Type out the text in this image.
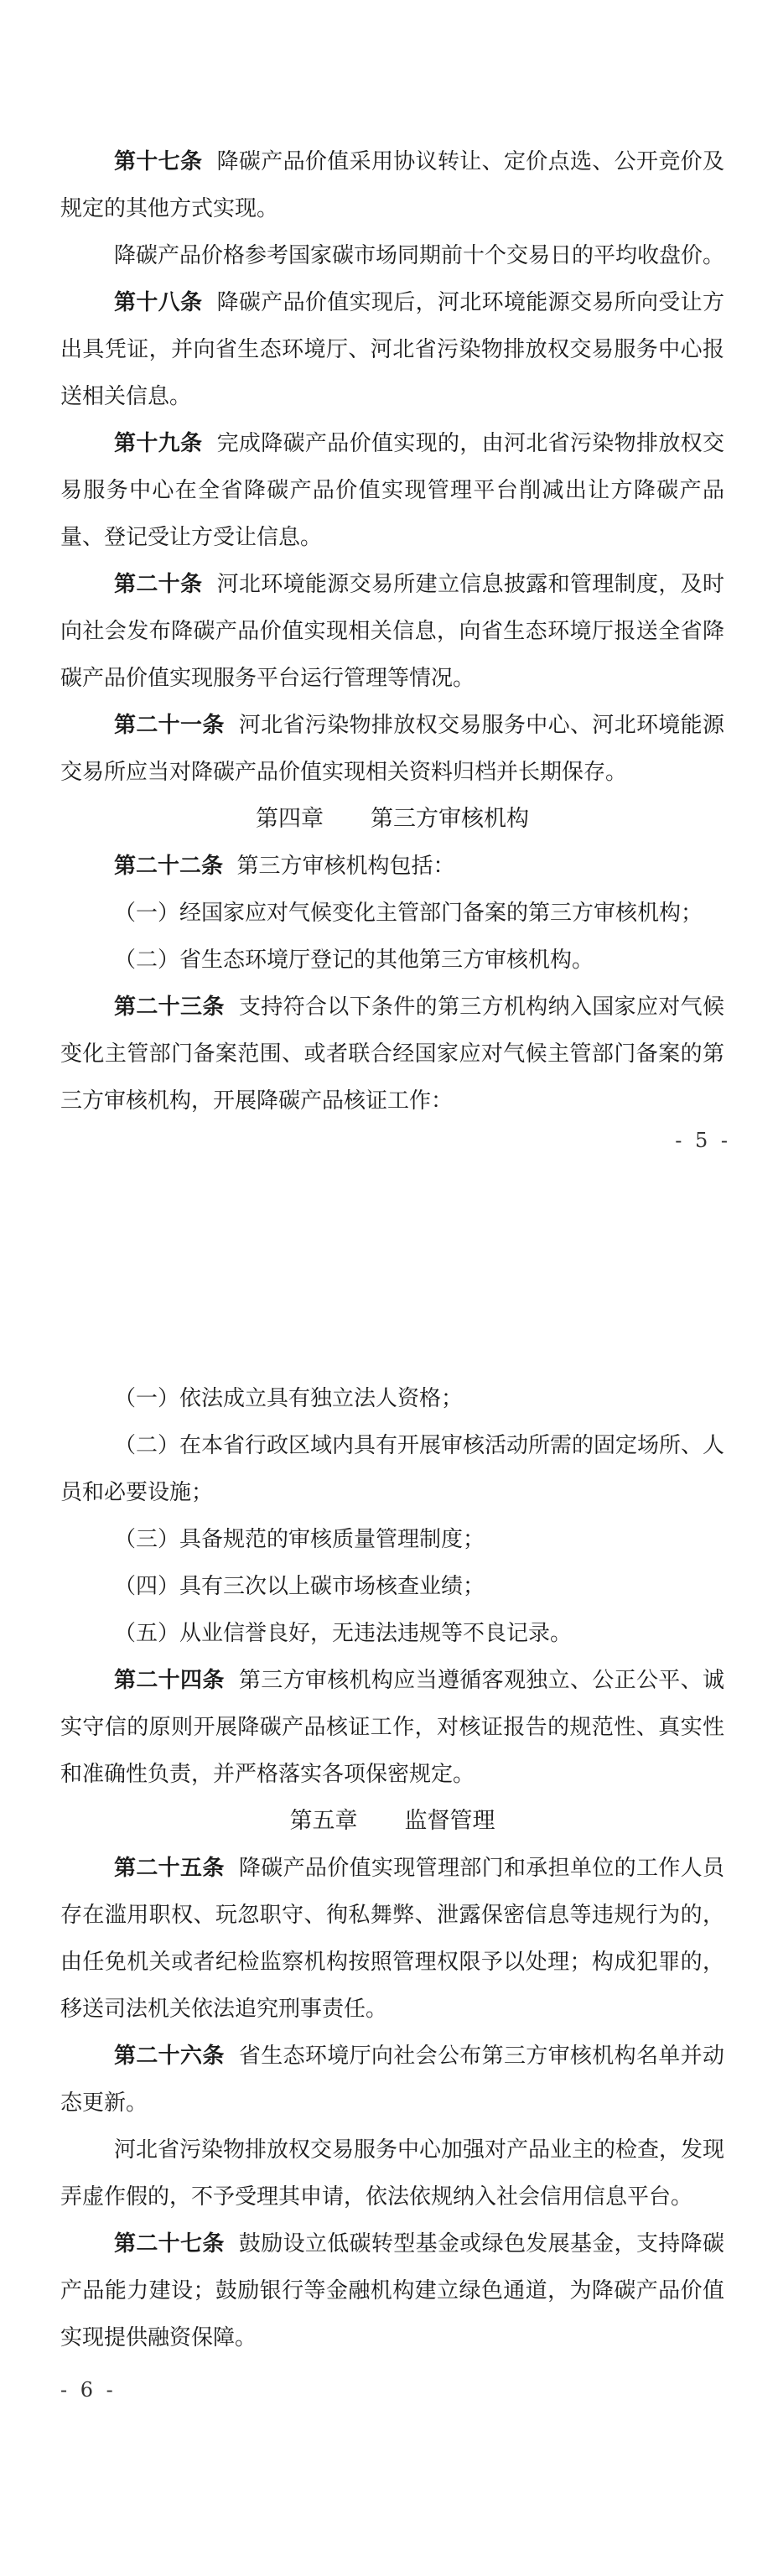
第十七条 降碳产品价值采用协议转让、定价点选、公开竞价及规定的其他方式实现。

降碳产品价格参考国家碳市场同期前十个交易日的平均收盘价。

第十八条 降碳产品价值实现后，河北环境能源交易所向受让方出具凭证，并向省生态环境厅、河北省污染物排放权交易服务中心报送相关信息。

第十九条 完成降碳产品价值实现的，由河北省污染物排放权交易服务中心在全省降碳产品价值实现管理平台削减出让方降碳产品量、登记受让方受让信息。

第二十条 河北环境能源交易所建立信息披露和管理制度，及时向社会发布降碳产品价值实现相关信息，向省生态环境厅报送全省降碳产品价值实现服务平台运行管理等情况。

第二十一条 河北省污染物排放权交易服务中心、河北环境能源交易所应当对降碳产品价值实现相关资料归档并长期保存。

第四章 第三方审核机构

第二十二条 第三方审核机构包括：

（一）经国家应对气候变化主管部门备案的第三方审核机构；

（二）省生态环境厅登记的其他第三方审核机构。

第二十三条 支持符合以下条件的第三方机构纳入国家应对气候变化主管部门备案范围、或者联合经国家应对气候主管部门备案的第三方审核机构，开展降碳产品核证工作：

- 5 -

（一）依法成立具有独立法人资格；

（二）在本省行政区域内具有开展审核活动所需的固定场所、人员和必要设施；

（三）具备规范的审核质量管理制度；

（四）具有三次以上碳市场核查业绩；

（五）从业信誉良好，无违法违规等不良记录。

第二十四条 第三方审核机构应当遵循客观独立、公正公平、诚实守信的原则开展降碳产品核证工作，对核证报告的规范性、真实性和准确性负责，并严格落实各项保密规定。

第五章 监督管理

第二十五条 降碳产品价值实现管理部门和承担单位的工作人员存在滥用职权、玩忽职守、徇私舞弊、泄露保密信息等违规行为的，由任免机关或者纪检监察机构按照管理权限予以处理；构成犯罪的，移送司法机关依法追究刑事责任。

第二十六条 省生态环境厅向社会公布第三方审核机构名单并动态更新。

河北省污染物排放权交易服务中心加强对产品业主的检查，发现弄虚作假的，不予受理其申请，依法依规纳入社会信用信息平台。

第二十七条 鼓励设立低碳转型基金或绿色发展基金，支持降碳产品能力建设；鼓励银行等金融机构建立绿色通道，为降碳产品价值实现提供融资保障。

- 6 -
